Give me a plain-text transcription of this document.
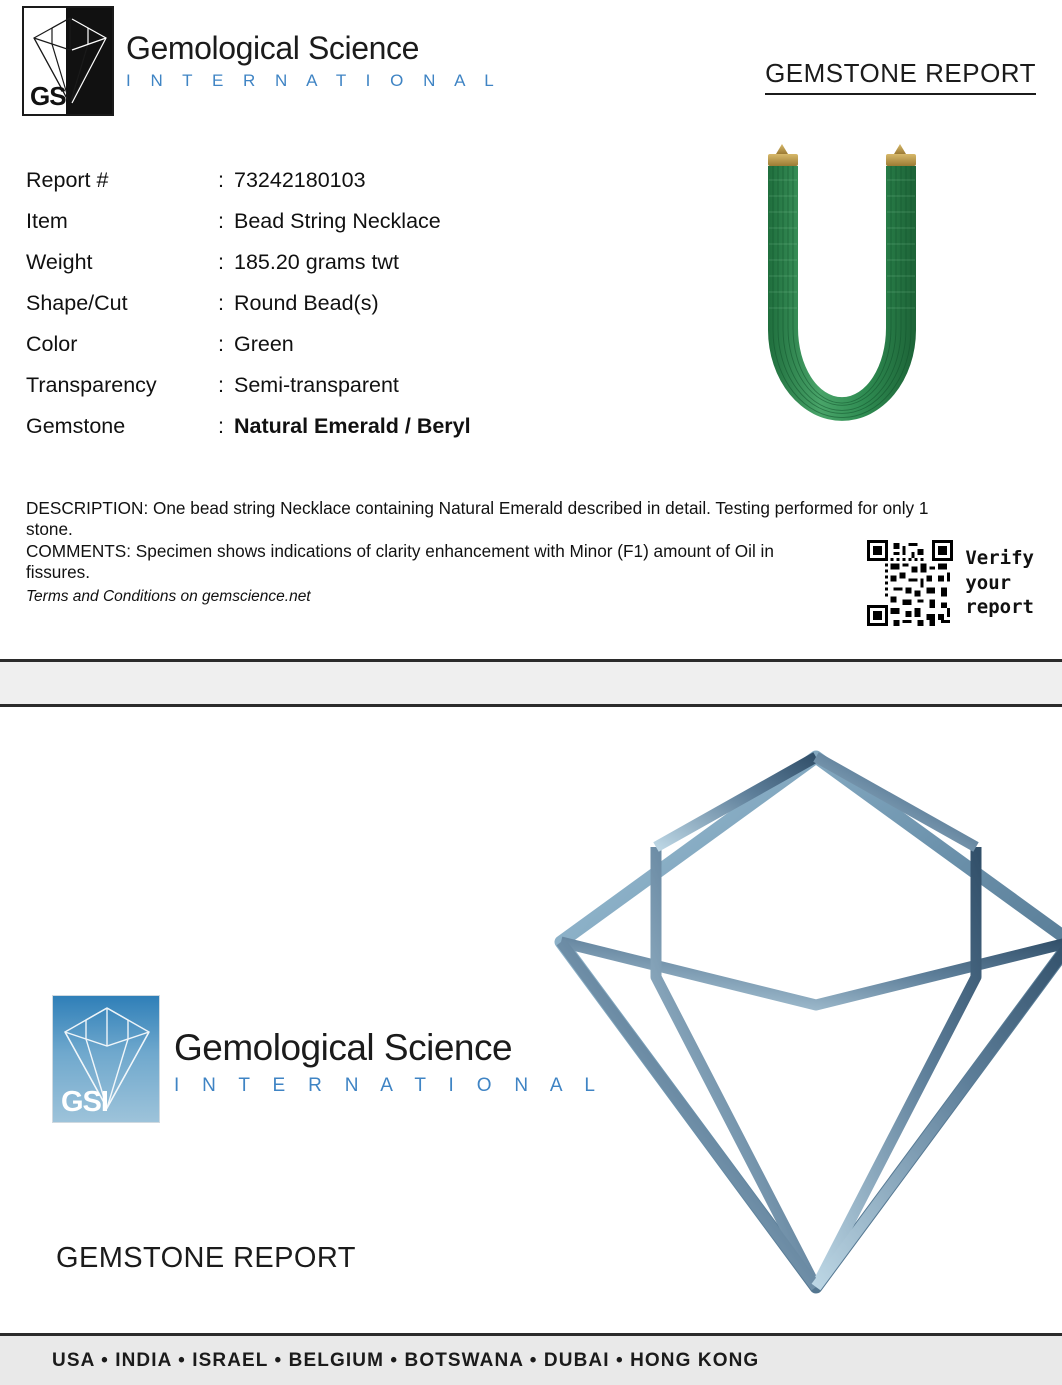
GSI
Gemological Science
I N T E R N A T I O N A L	GEMSTONE REPORT
Report #	: 73242180103
Item	: Bead String Necklace
Weight	: 185.20 grams twt
Shape/Cut	: Round Bead(s)
Color	: Green
Transparency	: Semi-transparent
Gemstone	: Natural Emerald / Beryl

DESCRIPTION: One bead string Necklace containing Natural Emerald described in detail. Testing performed for only 1 stone.

COMMENTS: Specimen shows indications of clarity enhancement with Minor (F1) amount of Oil in fissures.

Terms and Conditions on gemscience.net

Verify
your
report
GSI
Gemological Science
I N T E R N A T I O N A L
GEMSTONE REPORT
USA • INDIA • ISRAEL • BELGIUM • BOTSWANA • DUBAI • HONG KONG
